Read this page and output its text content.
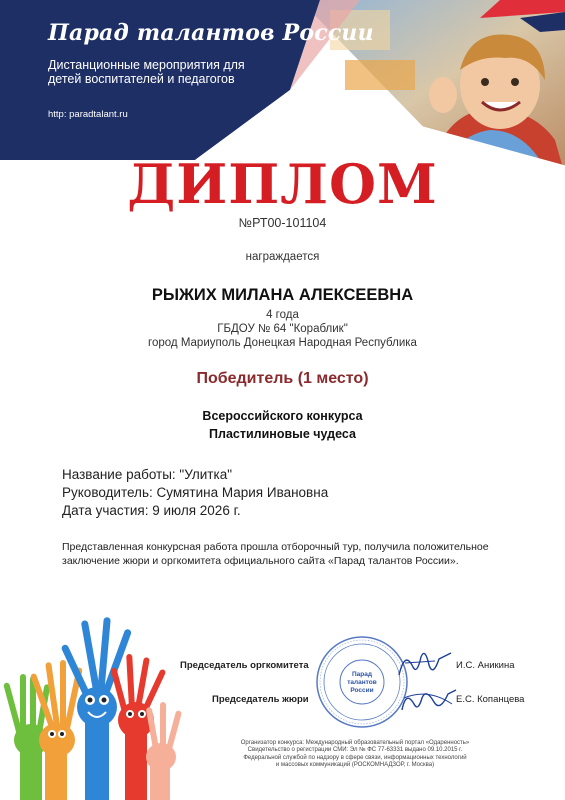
Парад талантов России
Дистанционные мероприятия для детей воспитателей и педагогов
http: paradtalant.ru
ДИПЛОМ
№РТ00-101104
награждается
РЫЖИХ МИЛАНА АЛЕКСЕЕВНА
4 года
ГБДОУ № 64 "Кораблик"
город Мариуполь Донецкая Народная Республика
Победитель (1 место)
Всероссийского конкурса
Пластилиновые чудеса
Название работы: "Улитка"
Руководитель: Сумятина Мария Ивановна
Дата участия: 9 июля 2026 г.
Представленная конкурсная работа прошла отборочный тур, получила положительное заключение жюри и оргкомитета официального сайта «Парад талантов России».
Председатель оргкомитета	И.С. Аникина
Председатель жюри	Е.С. Копанцева
Парад
талантов
России
Организатор конкурса: Международный образовательный портал «Одаренность»
Свидетельство о регистрации СМИ: Эл № ФС 77-63331 выдано 09.10.2015 г.
Федеральной службой по надзору в сфере связи, информационных технологий
и массовых коммуникаций (РОСКОМНАДЗОР, г. Москва)
